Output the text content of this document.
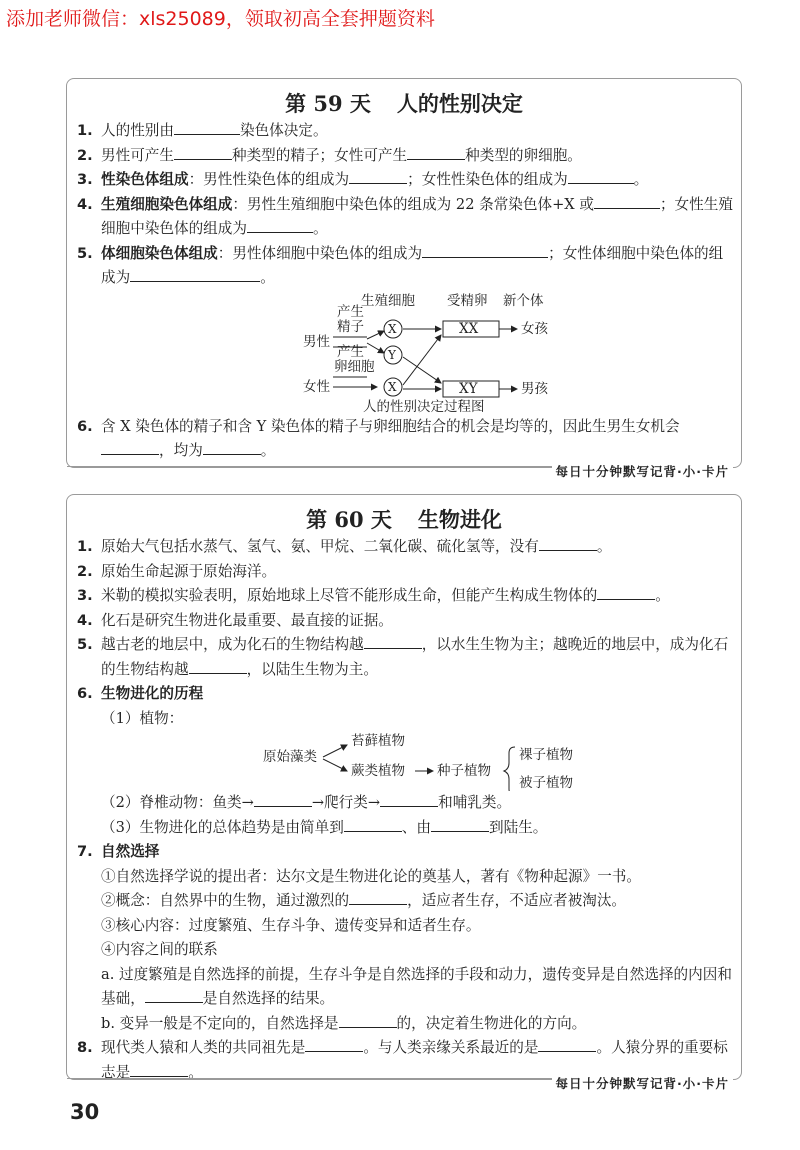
添加老师微信：xls25089，领取初高全套押题资料
第 59 天 人的性别决定
1. 人的性别由	染色体决定。
2. 男性可产生	种类型的精子；女性可产生	种类型的卵细胞。
3. 性染色体组成：男性性染色体的组成为	；女性性染色体的组成为	。
4. 生殖细胞染色体组成：男性生殖细胞中染色体的组成为 22 条常染色体+X 或	；女性生殖细胞中染色体的组成为	。
5. 体细胞染色体组成：男性体细胞中染色体的组成为	；女性体细胞中染色体的组成为	。
生殖细胞 受精卵 新个体
产生
精子
男性
产生
卵细胞
女性
X
Y
X
XX
XY
女孩
男孩
人的性别决定过程图
6. 含 X 染色体的精子和含 Y 染色体的精子与卵细胞结合的机会是均等的，因此生男生女机会，均为	。
每日十分钟默写记背·小·卡片
第 60 天 生物进化
1. 原始大气包括水蒸气、氢气、氨、甲烷、二氧化碳、硫化氢等，没有	。
2. 原始生命起源于原始海洋。
3. 米勒的模拟实验表明，原始地球上尽管不能形成生命，但能产生构成生物体的	。
4. 化石是研究生物进化最重要、最直接的证据。
5. 越古老的地层中，成为化石的生物结构越	，以水生生物为主；越晚近的地层中，成为化石的生物结构越	，以陆生生物为主。
6. 生物进化的历程
（1）植物：
原始藻类
苔藓植物
蕨类植物 种子植物
裸子植物
被子植物
（2）脊椎动物：鱼类→	→爬行类→	和哺乳类。
（3）生物进化的总体趋势是由简单到	、由	到陆生。
7. 自然选择
①自然选择学说的提出者：达尔文是生物进化论的奠基人，著有《物种起源》一书。
②概念：自然界中的生物，通过激烈的	，适应者生存，不适应者被淘汰。
③核心内容：过度繁殖、生存斗争、遗传变异和适者生存。
④内容之间的联系
a. 过度繁殖是自然选择的前提，生存斗争是自然选择的手段和动力，遗传变异是自然选择的内因和基础，	是自然选择的结果。
b. 变异一般是不定向的，自然选择是	的，决定着生物进化的方向。
8. 现代类人猿和人类的共同祖先是	。与人类亲缘关系最近的是	。人猿分界的重要标志是	。
每日十分钟默写记背·小·卡片
30
